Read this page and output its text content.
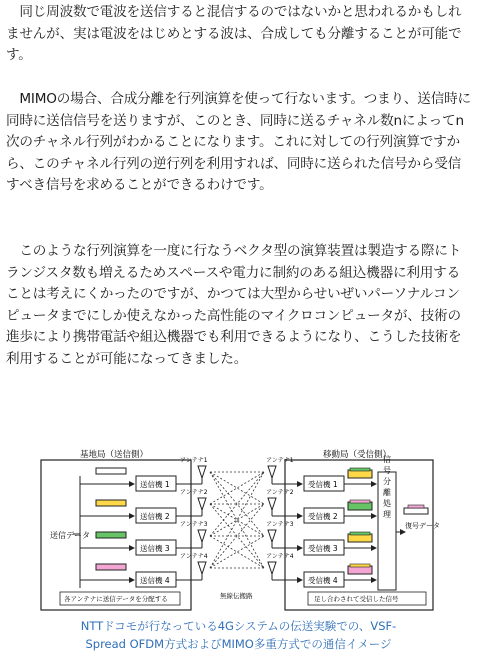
　同じ周波数で電波を送信すると混信するのではないかと思われるかもしれませんが、実は電波をはじめとする波は、合成しても分離することが可能です。

　MIMOの場合、合成分離を行列演算を使って行ないます。つまり、送信時に同時に送信信号を送りますが、このとき、同時に送るチャネル数nによってn次のチャネル行列がわかることになります。これに対しての行列演算ですから、このチャネル行列の逆行列を利用すれば、同時に送られた信号から受信すべき信号を求めることができるわけです。

　このような行列演算を一度に行なうベクタ型の演算装置は製造する際にトランジスタ数も増えるためスペースや電力に制約のある組込機器に利用することは考えにくかったのですが、かつては大型からせいぜいパーソナルコンピュータまでにしか使えなかった高性能のマイクロコンピュータが、技術の進歩により携帯電話や組込機器でも利用できるようになり、こうした技術を利用することが可能になってきました。

基地局（送信側）	移動局（受信側）
送信データ
送信機 1
送信機 2
送信機 3
送信機 4
各アンテナに送信データを分配する
アンテナ1
アンテナ2
アンテナ3
アンテナ4
無線伝搬路
アンテナ1
アンテナ2
アンテナ3
アンテナ4
受信機 1
受信機 2
受信機 3
受信機 4
信号分離処理
復号データ
足し合わされて受信した信号
NTTドコモが行なっている4Gシステムの伝送実験での、VSF-
Spread OFDM方式およびMIMO多重方式での通信イメージ
